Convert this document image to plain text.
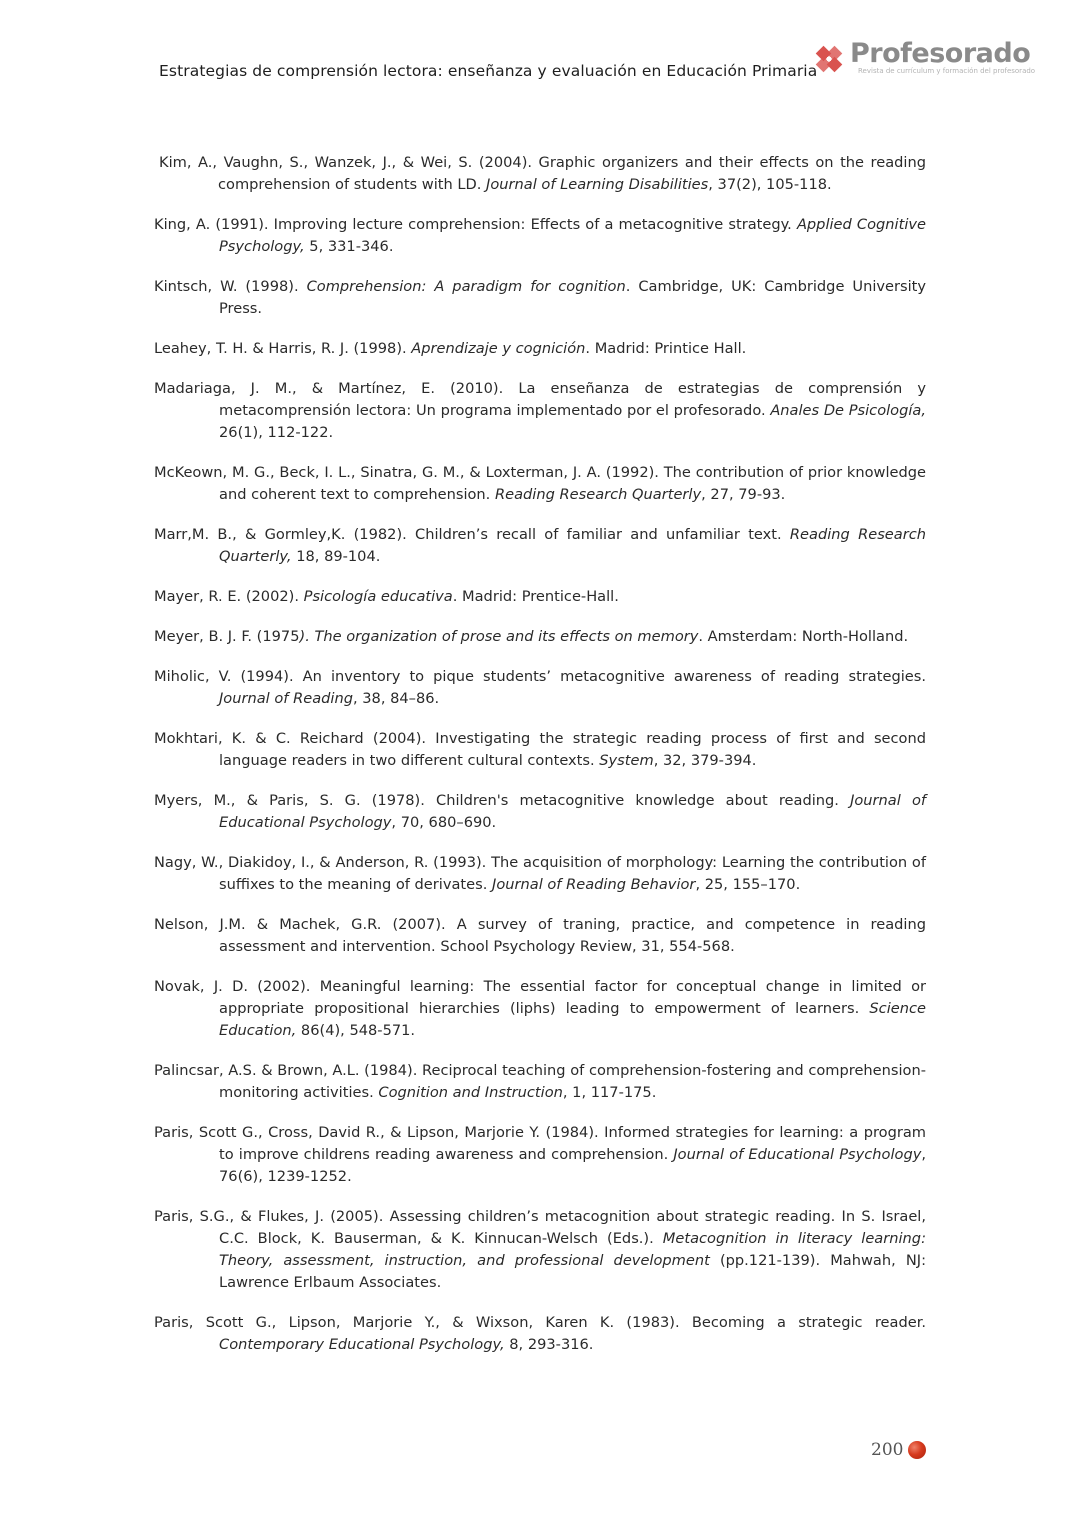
Estrategias de comprensión lectora: enseñanza y evaluación en Educación Primaria
Profesorado
Revista de currículum y formación del profesorado

Kim, A., Vaughn, S., Wanzek, J., & Wei, S. (2004). Graphic organizers and their effects on the reading comprehension of students with LD. Journal of Learning Disabilities, 37(2), 105-118.

King, A. (1991). Improving lecture comprehension: Effects of a metacognitive strategy. Applied Cognitive Psychology, 5, 331-346.

Kintsch, W. (1998). Comprehension: A paradigm for cognition. Cambridge, UK: Cambridge University Press.

Leahey, T. H. & Harris, R. J. (1998). Aprendizaje y cognición. Madrid: Printice Hall.

Madariaga, J. M., & Martínez, E. (2010). La enseñanza de estrategias de comprensión y metacomprensión lectora: Un programa implementado por el profesorado. Anales De Psicología, 26(1), 112-122.

McKeown, M. G., Beck, I. L., Sinatra, G. M., & Loxterman, J. A. (1992). The contribution of prior knowledge and coherent text to comprehension. Reading Research Quarterly, 27, 79-93.

Marr,M. B., & Gormley,K. (1982). Children’s recall of familiar and unfamiliar text. Reading Research Quarterly, 18, 89-104.

Mayer, R. E. (2002). Psicología educativa. Madrid: Prentice-Hall.

Meyer, B. J. F. (1975). The organization of prose and its effects on memory. Amsterdam: North-Holland.

Miholic, V. (1994). An inventory to pique students’ metacognitive awareness of reading strategies. Journal of Reading, 38, 84–86.

Mokhtari, K. & C. Reichard (2004). Investigating the strategic reading process of first and second language readers in two different cultural contexts. System, 32, 379-394.

Myers, M., & Paris, S. G. (1978). Children's metacognitive knowledge about reading. Journal of Educational Psychology, 70, 680–690.

Nagy, W., Diakidoy, I., & Anderson, R. (1993). The acquisition of morphology: Learning the contribution of suffixes to the meaning of derivates. Journal of Reading Behavior, 25, 155–170.

Nelson, J.M. & Machek, G.R. (2007). A survey of traning, practice, and competence in reading assessment and intervention. School Psychology Review, 31, 554-568.

Novak, J. D. (2002). Meaningful learning: The essential factor for conceptual change in limited or appropriate propositional hierarchies (liphs) leading to empowerment of learners. Science Education, 86(4), 548-571.

Palincsar, A.S. & Brown, A.L. (1984). Reciprocal teaching of comprehension-fostering and comprehension-monitoring activities. Cognition and Instruction, 1, 117-175.

Paris, Scott G., Cross, David R., & Lipson, Marjorie Y. (1984). Informed strategies for learning: a program to improve childrens reading awareness and comprehension. Journal of Educational Psychology, 76(6), 1239-1252.

Paris, S.G., & Flukes, J. (2005). Assessing children’s metacognition about strategic reading. In S. Israel, C.C. Block, K. Bauserman, & K. Kinnucan-Welsch (Eds.). Metacognition in literacy learning: Theory, assessment, instruction, and professional development (pp.121-139). Mahwah, NJ: Lawrence Erlbaum Associates.

Paris, Scott G., Lipson, Marjorie Y., & Wixson, Karen K. (1983). Becoming a strategic reader. Contemporary Educational Psychology, 8, 293-316.

200
